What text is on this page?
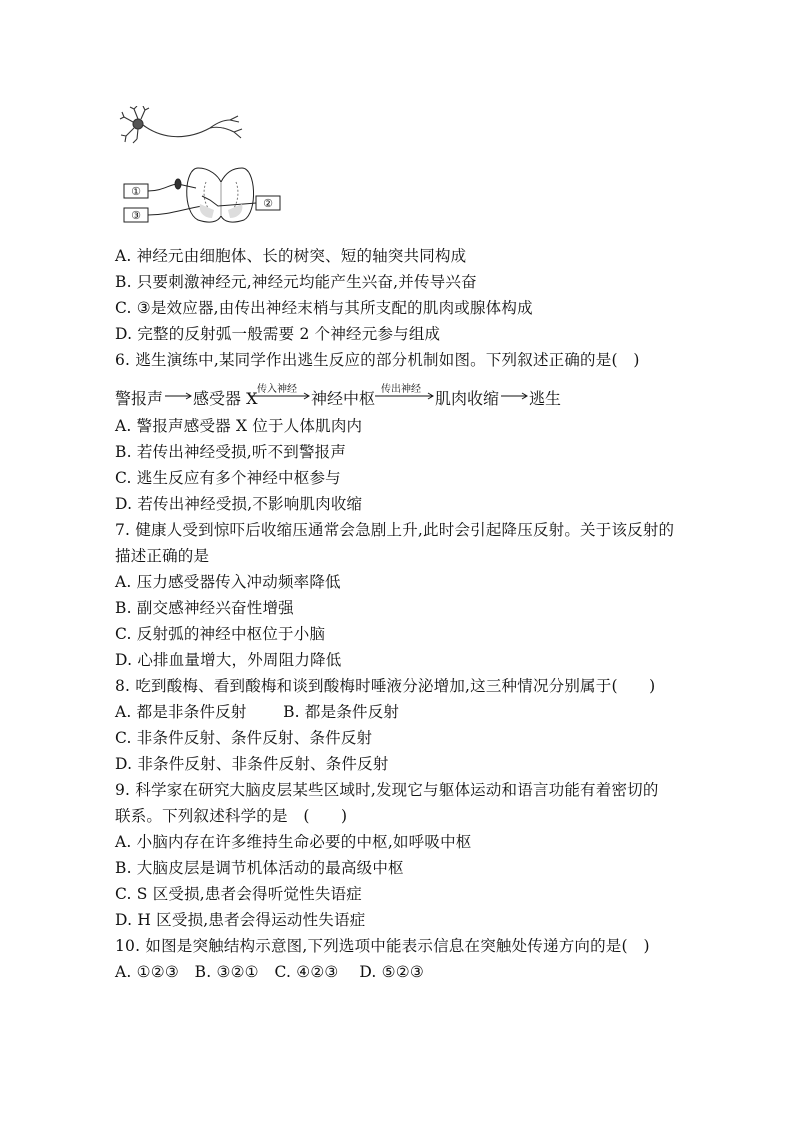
①
③
②
A. 神经元由细胞体、长的树突、短的轴突共同构成
B. 只要刺激神经元,神经元均能产生兴奋,并传导兴奋
C. ③是效应器,由传出神经末梢与其所支配的肌肉或腺体构成
D. 完整的反射弧一般需要 2 个神经元参与组成
6. 逃生演练中,某同学作出逃生反应的部分机制如图。下列叙述正确的是(　)
警报声 感受器 X 传入神经 神经中枢 传出神经 肌肉收缩 逃生
A. 警报声感受器 X 位于人体肌肉内
B. 若传出神经受损,听不到警报声
C. 逃生反应有多个神经中枢参与
D. 若传出神经受损,不影响肌肉收缩
7. 健康人受到惊吓后收缩压通常会急剧上升,此时会引起降压反射。关于该反射的
描述正确的是
A. 压力感受器传入冲动频率降低
B. 副交感神经兴奋性增强
C. 反射弧的神经中枢位于小脑
D. 心排血量增大，外周阻力降低
8. 吃到酸梅、看到酸梅和谈到酸梅时唾液分泌增加,这三种情况分别属于(　　)
A. 都是非条件反射　　 B. 都是条件反射
C. 非条件反射、条件反射、条件反射
D. 非条件反射、非条件反射、条件反射
9. 科学家在研究大脑皮层某些区域时,发现它与躯体运动和语言功能有着密切的
联系。下列叙述科学的是　(　　)
A. 小脑内存在许多维持生命必要的中枢,如呼吸中枢
B. 大脑皮层是调节机体活动的最高级中枢
C. S 区受损,患者会得听觉性失语症
D. H 区受损,患者会得运动性失语症
10. 如图是突触结构示意图,下列选项中能表示信息在突触处传递方向的是(　)
A. ①②③　B. ③②①　C. ④②③　 D. ⑤②③
